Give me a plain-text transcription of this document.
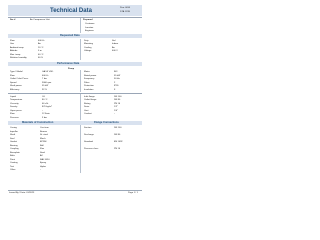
Technical Data	Proc 0016
DTA 11/35
Ser #	Air Compressor Unit	Prepared
Customer
Location
Engineer
Requested Data
Flow	400 l/s
Gas	Air
Ambient temp.	20 °C
Altitude	0 m
Max. temp.	40 °C
Relative humidity	60 %
Duty	Std
Mounting	Indoor
Cooling	Air
Voltage	400 V
Performance Data
Pump
Type / Model	GA 55 VSD
Flow	400 l/s
Outlet / Inlet Press.	7 bar
Speed	3000 rpm
Shaft power	55 kW
Efficiency	92 %
Motor	IE3
Rated power	55 kW
Frequency	50 Hz
Poles	2
Protection	IP55
Insulation	F
Liquid	Oil
Temperature	80 °C
Viscosity	46 cSt
Density	870 kg/m³
Vapor press.	-
Flow	12 l/min
Pressure	3 bar
Inlet flange	DN 100
Outlet flange	DN 80
Rating	PN 16
Drain	1/2"
Vent	1/4"
Coolant	-
Materials of Construction	Flange Connections
Casing	Cast iron
Impeller	Bronze
Shaft	St. steel
Seal	Mech.
Gasket	EPDM
Bearing	Ball
Coupling	Flex
Baseplate	Steel
Bolts	A2
Paint	RAL 5010
Coating	Epoxy
Test	Hydro
Other	-
Suction	DN 100
Discharge	DN 80
Standard	EN 1092
Pressure class	PN 16
Issued By / Date: 01/2023	Page 1 / 1
